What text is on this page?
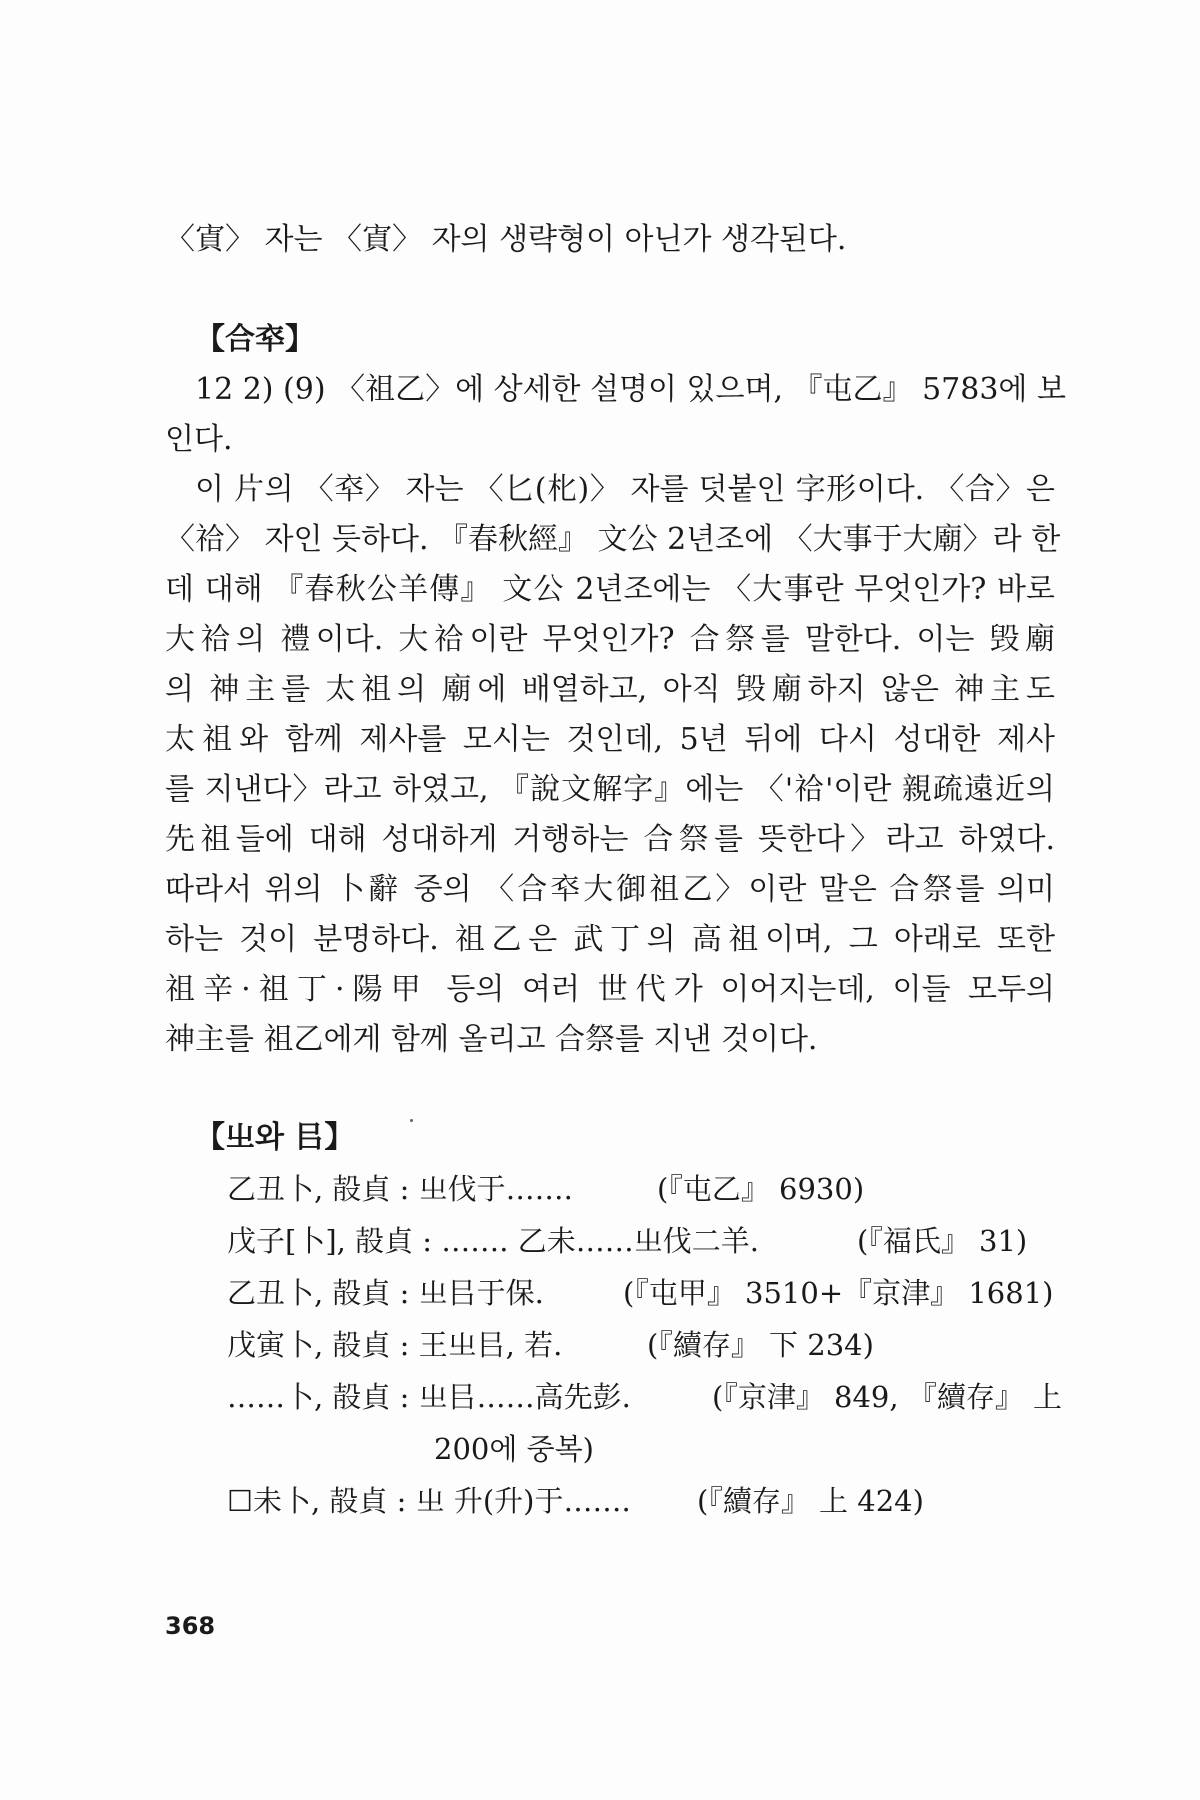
〈寊〉 자는 〈寊〉 자의 생략형이 아닌가 생각된다.
【合䘚】
12 2) (9) 〈祖乙〉에 상세한 설명이 있으며, 『屯乙』 5783에 보
인다.
이 片의 〈䘚〉 자는 〈匕(朼)〉 자를 덧붙인 字形이다. 〈合〉은
〈祫〉 자인 듯하다. 『春秋經』 文公 2년조에 〈大事于大廟〉라 한
데 대해 『春秋公羊傳』 文公 2년조에는 〈大事란 무엇인가? 바로
大祫의 禮이다. 大祫이란 무엇인가? 合祭를 말한다. 이는 毁廟
의 神主를 太祖의 廟에 배열하고, 아직 毁廟하지 않은 神主도
太祖와 함께 제사를 모시는 것인데, 5년 뒤에 다시 성대한 제사
를 지낸다〉라고 하였고, 『說文解字』에는 〈'祫'이란 親疏遠近의
先祖들에 대해 성대하게 거행하는 合祭를 뜻한다〉라고 하였다.
따라서 위의 卜辭 중의 〈合䘚大御祖乙〉이란 말은 合祭를 의미
하는 것이 분명하다. 祖乙은 武丁의 高祖이며, 그 아래로 또한
祖辛·祖丁·陽甲 등의 여러 世代가 이어지는데, 이들 모두의
神主를 祖乙에게 함께 올리고 合祭를 지낸 것이다.
【㞢와 㠯】
乙丑卜, 㱿貞 : 㞢伐于…….	(『屯乙』 6930)
戊子[卜], 㱿貞 : ……. 乙未……㞢伐二羊.	(『福氏』 31)
乙丑卜, 㱿貞 : 㞢㠯于保.	(『屯甲』 3510+『京津』 1681)
戊寅卜, 㱿貞 : 王㞢㠯, 若.	(『續存』 下 234)
……卜, 㱿貞 : 㞢㠯……高先彭.	(『京津』 849, 『續存』 上
200에 중복)
☐未卜, 㱿貞 : 㞢 升(升)于……. (『續存』 上 424)
368
